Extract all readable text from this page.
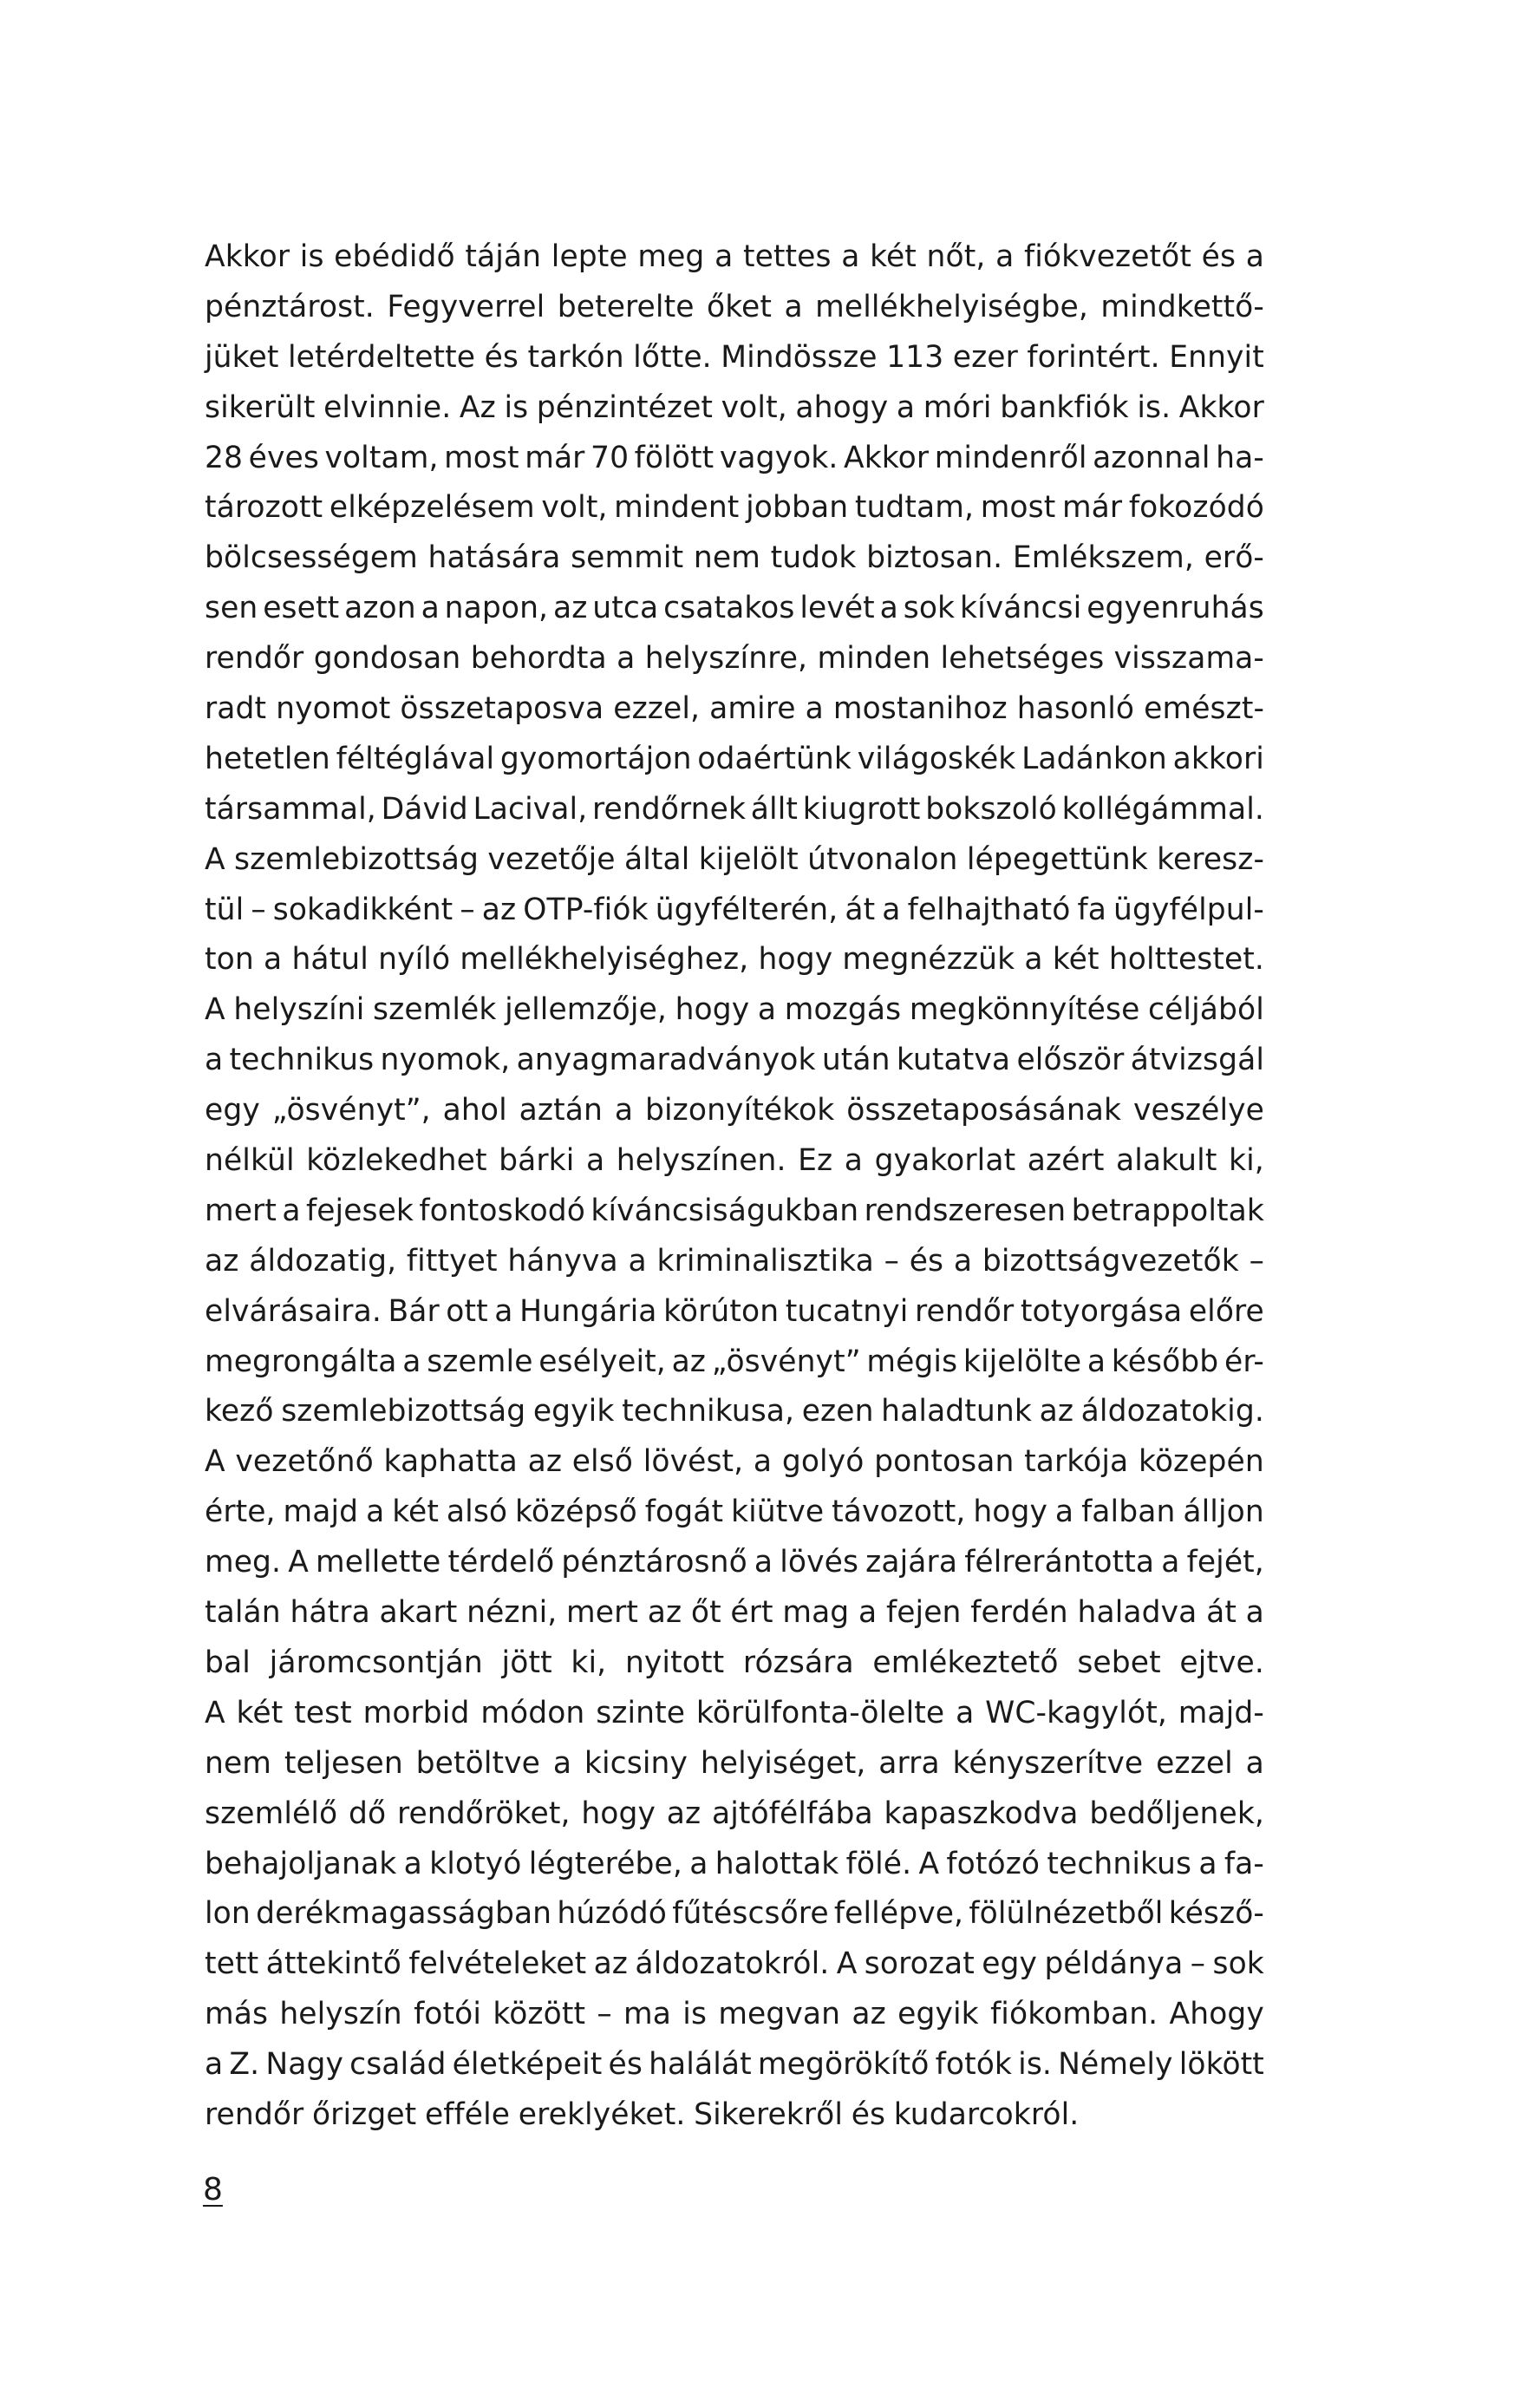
Akkor is ebédidő táján lepte meg a tettes a két nőt, a fiókvezetőt és a
pénztárost. Fegyverrel beterelte őket a mellékhelyiségbe, mindkettő-
jüket letérdeltette és tarkón lőtte. Mindössze 113 ezer forintért. Ennyit
sikerült elvinnie. Az is pénzintézet volt, ahogy a móri bankfiók is. Akkor
28 éves voltam, most már 70 fölött vagyok. Akkor mindenről azonnal ha-
tározott elképzelésem volt, mindent jobban tudtam, most már fokozódó
bölcsességem hatására semmit nem tudok biztosan. Emlékszem, erő-
sen esett azon a napon, az utca csatakos levét a sok kíváncsi egyenruhás
rendőr gondosan behordta a helyszínre, minden lehetséges visszama-
radt nyomot összetaposva ezzel, amire a mostanihoz hasonló emészt-
hetetlen féltéglával gyomortájon odaértünk világoskék Ladánkon akkori
társammal, Dávid Lacival, rendőrnek állt kiugrott bokszoló kollégámmal.
A szemlebizottság vezetője által kijelölt útvonalon lépegettünk keresz-
tül – sokadikként – az OTP-fiók ügyfélterén, át a felhajtható fa ügyfélpul-
ton a hátul nyíló mellékhelyiséghez, hogy megnézzük a két holttestet.
A helyszíni szemlék jellemzője, hogy a mozgás megkönnyítése céljából
a technikus nyomok, anyagmaradványok után kutatva először átvizsgál
egy „ösvényt”, ahol aztán a bizonyítékok összetaposásának veszélye
nélkül közlekedhet bárki a helyszínen. Ez a gyakorlat azért alakult ki,
mert a fejesek fontoskodó kíváncsiságukban rendszeresen betrappoltak
az áldozatig, fittyet hányva a kriminalisztika – és a bizottságvezetők –
elvárásaira. Bár ott a Hungária körúton tucatnyi rendőr totyorgása előre
megrongálta a szemle esélyeit, az „ösvényt” mégis kijelölte a később ér-
kező szemlebizottság egyik technikusa, ezen haladtunk az áldozatokig.
A vezetőnő kaphatta az első lövést, a golyó pontosan tarkója közepén
érte, majd a két alsó középső fogát kiütve távozott, hogy a falban álljon
meg. A mellette térdelő pénztárosnő a lövés zajára félrerántotta a fejét,
talán hátra akart nézni, mert az őt ért mag a fejen ferdén haladva át a
bal járomcsontján jött ki, nyitott rózsára emlékeztető sebet ejtve.
A két test morbid módon szinte körülfonta-ölelte a WC-kagylót, majd-
nem teljesen betöltve a kicsiny helyiséget, arra kényszerítve ezzel a
szemlélő dő rendőröket, hogy az ajtófélfába kapaszkodva bedőljenek,
behajoljanak a klotyó légterébe, a halottak fölé. A fotózó technikus a fa-
lon derékmagasságban húzódó fűtéscsőre fellépve, fölülnézetből késző-
tett áttekintő felvételeket az áldozatokról. A sorozat egy példánya – sok
más helyszín fotói között – ma is megvan az egyik fiókomban. Ahogy
a Z. Nagy család életképeit és halálát megörökítő fotók is. Némely lökött
rendőr őrizget efféle ereklyéket. Sikerekről és kudarcokról.
8
